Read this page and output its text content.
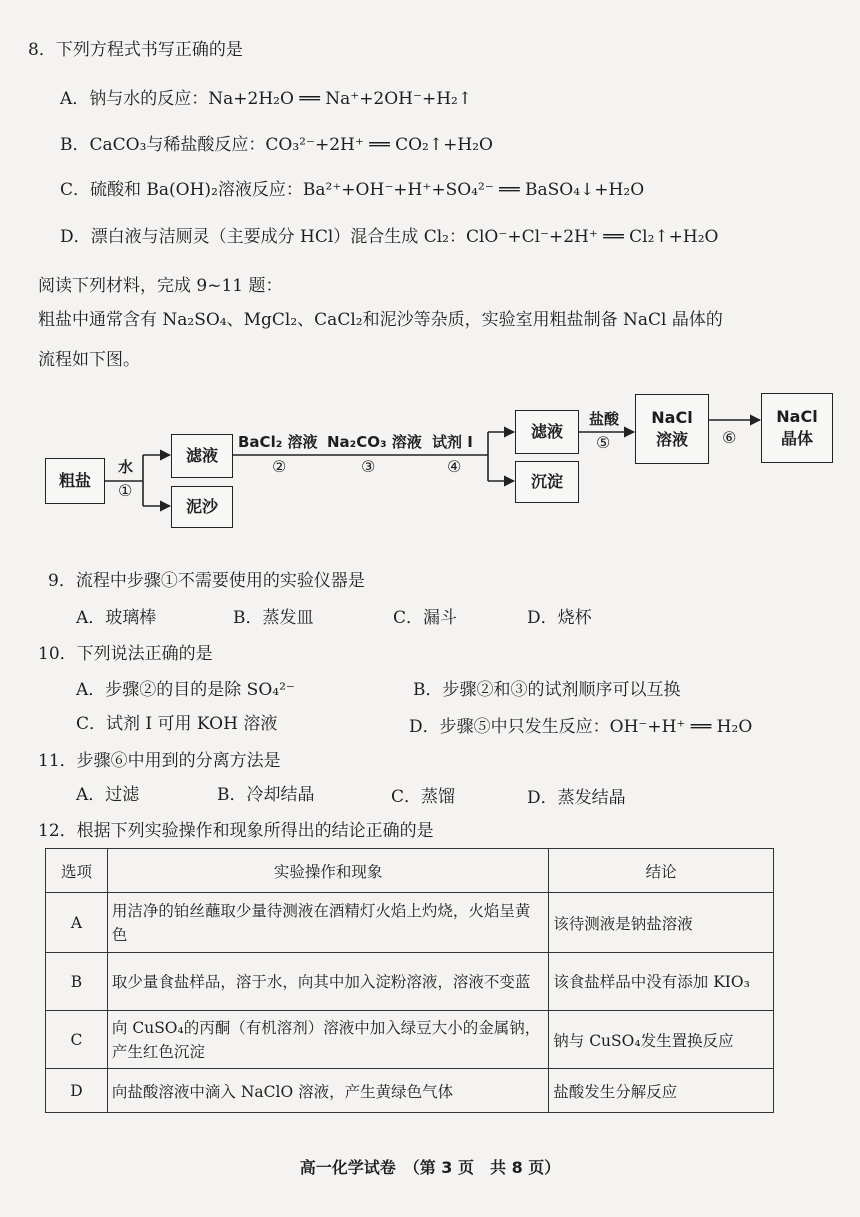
8．下列方程式书写正确的是
A．钠与水的反应：Na+2H₂O ══ Na⁺+2OH⁻+H₂↑
B．CaCO₃与稀盐酸反应：CO₃²⁻+2H⁺ ══ CO₂↑+H₂O
C．硫酸和 Ba(OH)₂溶液反应：Ba²⁺+OH⁻+H⁺+SO₄²⁻ ══ BaSO₄↓+H₂O
D．漂白液与洁厕灵（主要成分 HCl）混合生成 Cl₂：ClO⁻+Cl⁻+2H⁺ ══ Cl₂↑+H₂O
阅读下列材料，完成 9~11 题：
粗盐中通常含有 Na₂SO₄、MgCl₂、CaCl₂和泥沙等杂质，实验室用粗盐制备 NaCl 晶体的
流程如下图。
粗盐
水
①
滤液
泥沙
BaCl₂ 溶液
②
Na₂CO₃ 溶液
③
试剂 I
④
滤液
沉淀
盐酸
⑤
NaCl
溶液 ⑥
NaCl
晶体
9．流程中步骤①不需要使用的实验仪器是
A．玻璃棒	B．蒸发皿	C．漏斗	D．烧杯
10．下列说法正确的是
A．步骤②的目的是除 SO₄²⁻	B．步骤②和③的试剂顺序可以互换
C．试剂 I 可用 KOH 溶液	D．步骤⑤中只发生反应：OH⁻+H⁺ ══ H₂O
11．步骤⑥中用到的分离方法是
A．过滤	B．冷却结晶	C．蒸馏	D．蒸发结晶
12．根据下列实验操作和现象所得出的结论正确的是
选项	实验操作和现象	结论
A	用洁净的铂丝蘸取少量待测液在酒精灯火焰上灼烧，火焰呈黄色	该待测液是钠盐溶液
B	取少量食盐样品，溶于水，向其中加入淀粉溶液，溶液不变蓝	该食盐样品中没有添加 KIO₃
C	向 CuSO₄的丙酮（有机溶剂）溶液中加入绿豆大小的金属钠，产生红色沉淀	钠与 CuSO₄发生置换反应
D	向盐酸溶液中滴入 NaClO 溶液，产生黄绿色气体	盐酸发生分解反应
高一化学试卷　（第 3 页　共 8 页）
